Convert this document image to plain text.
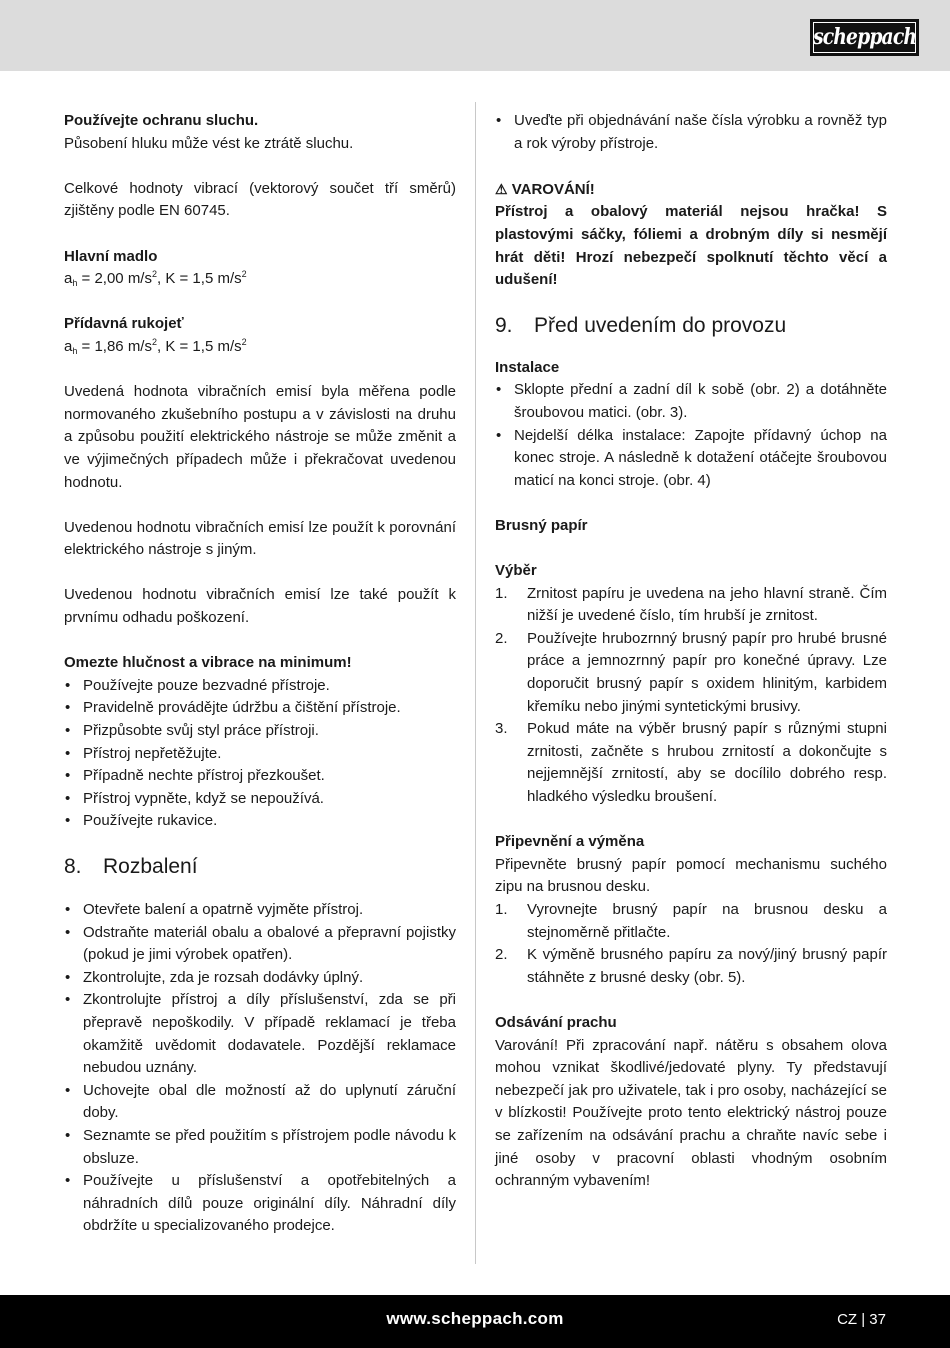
scheppach
Používejte ochranu sluchu.
Působení hluku může vést ke ztrátě sluchu.
Celkové hodnoty vibrací (vektorový součet tří směrů) zjištěny podle EN 60745.
Hlavní madlo
$a_h = 2,00$ $m/s^2$, K = 1,5 $m/s^2$
Přídavná rukojeť
$a_h = 1,86$ $m/s^2$, K = 1,5 $m/s^2$
Uvedená hodnota vibračních emisí byla měřena podle normovaného zkušebního postupu a v závislosti na druhu a způsobu použití elektrického nástroje se může změnit a ve výjimečných případech může i překračovat uvedenou hodnotu.
Uvedenou hodnotu vibračních emisí lze použít k porovnání elektrického nástroje s jiným.
Uvedenou hodnotu vibračních emisí lze také použít k prvnímu odhadu poškození.
Omezte hlučnost a vibrace na minimum!
• Používejte pouze bezvadné přístroje.
• Pravidelně provádějte údržbu a čištění přístroje.
• Přizpůsobte svůj styl práce přístroji.
• Přístroj nepřetěžujte.
• Případně nechte přístroj přezkoušet.
• Přístroj vypněte, když se nepoužívá.
• Používejte rukavice.
8.	Rozbalení
• Otevřete balení a opatrně vyjměte přístroj.
• Odstraňte materiál obalu a obalové a přepravní pojistky (pokud je jimi výrobek opatřen).
• Zkontrolujte, zda je rozsah dodávky úplný.
• Zkontrolujte přístroj a díly příslušenství, zda se při přepravě nepoškodily. V případě reklamací je třeba okamžitě uvědomit dodavatele. Pozdější reklamace nebudou uznány.
• Uchovejte obal dle možností až do uplynutí záruční doby.
• Seznamte se před použitím s přístrojem podle návodu k obsluze.
• Používejte u příslušenství a opotřebitelných a náhradních dílů pouze originální díly. Náhradní díly obdržíte u specializovaného prodejce.
• Uveďte při objednávání naše čísla výrobku a rovněž typ a rok výroby přístroje.
⚠ VAROVÁNÍ!
Přístroj a obalový materiál nejsou hračka! S plastovými sáčky, fóliemi a drobným díly si nesmějí hrát děti! Hrozí nebezpečí spolknutí těchto věcí a udušení!
9.	Před uvedením do provozu
Instalace
• Sklopte přední a zadní díl k sobě (obr. 2) a dotáhněte šroubovou matici. (obr. 3).
• Nejdelší délka instalace: Zapojte přídavný úchop na konec stroje. A následně k dotažení otáčejte šroubovou maticí na konci stroje. (obr. 4)
Brusný papír
Výběr
1. Zrnitost papíru je uvedena na jeho hlavní straně. Čím nižší je uvedené číslo, tím hrubší je zrnitost.
2. Používejte hrubozrnný brusný papír pro hrubé brusné práce a jemnozrnný papír pro konečné úpravy. Lze doporučit brusný papír s oxidem hlinitým, karbidem křemíku nebo jinými syntetickými brusivy.
3. Pokud máte na výběr brusný papír s různými stupni zrnitosti, začněte s hrubou zrnitostí a dokončujte s nejjemnější zrnitostí, aby se docílilo dobrého resp. hladkého výsledku broušení.
Připevnění a výměna
Připevněte brusný papír pomocí mechanismu suchého zipu na brusnou desku.
1. Vyrovnejte brusný papír na brusnou desku a stejnoměrně přitlačte.
2. K výměně brusného papíru za nový/jiný brusný papír stáhněte z brusné desky (obr. 5).
Odsávání prachu
Varování! Při zpracování např. nátěru s obsahem olova mohou vznikat škodlivé/jedovaté plyny. Ty představují nebezpečí jak pro uživatele, tak i pro osoby, nacházející se v blízkosti! Používejte proto tento elektrický nástroj pouze se zařízením na odsávání prachu a chraňte navíc sebe i jiné osoby v pracovní oblasti vhodným osobním ochranným vybavením!
www.scheppach.com	CZ | 37
